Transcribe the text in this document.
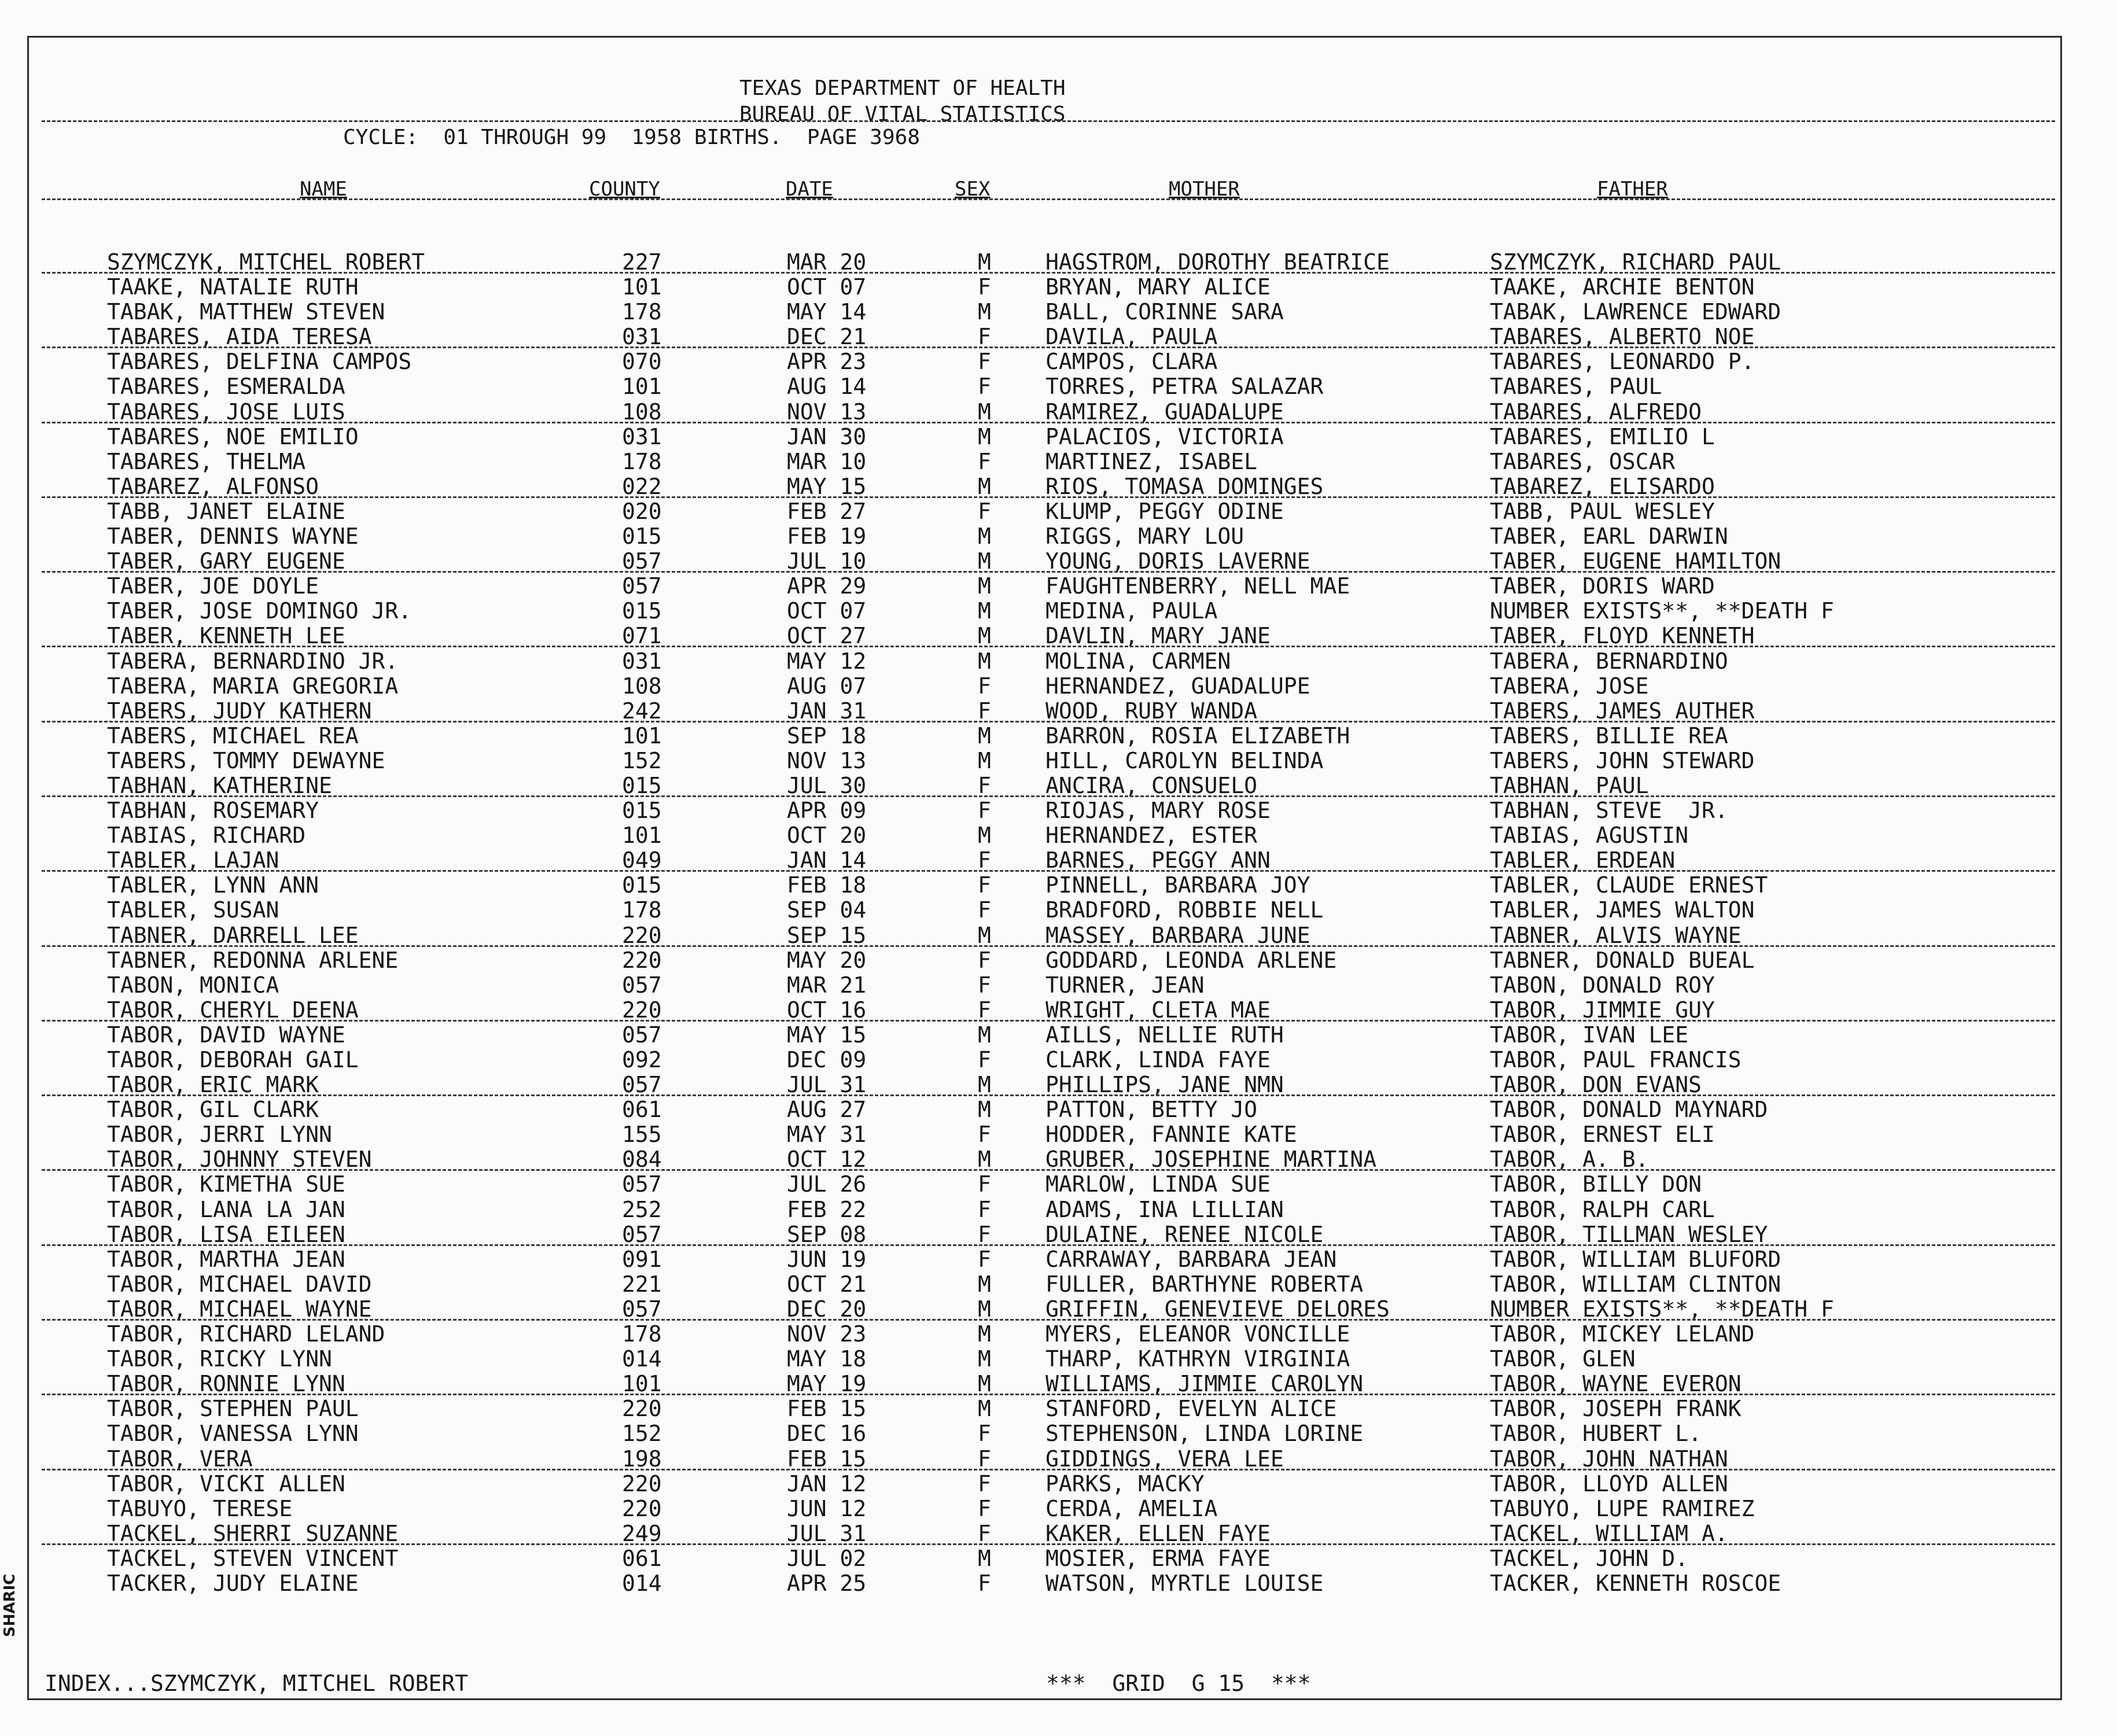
TEXAS DEPARTMENT OF HEALTH
BUREAU OF VITAL STATISTICS
CYCLE:  01 THROUGH 99  1958 BIRTHS.  PAGE 3968
NAME	COUNTY	DATE	SEX	MOTHER	FATHER
SZYMCZYK, MITCHEL ROBERT	227	MAR 20	M HAGSTROM, DOROTHY BEATRICE	SZYMCZYK, RICHARD PAUL
TAAKE, NATALIE RUTH	101	OCT 07	F BRYAN, MARY ALICE	TAAKE, ARCHIE BENTON
TABAK, MATTHEW STEVEN	178	MAY 14	M BALL, CORINNE SARA	TABAK, LAWRENCE EDWARD
TABARES, AIDA TERESA	031	DEC 21	F DAVILA, PAULA	TABARES, ALBERTO NOE
TABARES, DELFINA CAMPOS	070	APR 23	F CAMPOS, CLARA	TABARES, LEONARDO P.
TABARES, ESMERALDA	101	AUG 14	F TORRES, PETRA SALAZAR	TABARES, PAUL
TABARES, JOSE LUIS	108	NOV 13	M RAMIREZ, GUADALUPE	TABARES, ALFREDO
TABARES, NOE EMILIO	031	JAN 30	M PALACIOS, VICTORIA	TABARES, EMILIO L
TABARES, THELMA	178	MAR 10	F MARTINEZ, ISABEL	TABARES, OSCAR
TABAREZ, ALFONSO	022	MAY 15	M RIOS, TOMASA DOMINGES	TABAREZ, ELISARDO
TABB, JANET ELAINE	020	FEB 27	F KLUMP, PEGGY ODINE	TABB, PAUL WESLEY
TABER, DENNIS WAYNE	015	FEB 19	M RIGGS, MARY LOU	TABER, EARL DARWIN
TABER, GARY EUGENE	057	JUL 10	M YOUNG, DORIS LAVERNE	TABER, EUGENE HAMILTON
TABER, JOE DOYLE	057	APR 29	M FAUGHTENBERRY, NELL MAE	TABER, DORIS WARD
TABER, JOSE DOMINGO JR.	015	OCT 07	M MEDINA, PAULA	NUMBER EXISTS**, **DEATH F
TABER, KENNETH LEE	071	OCT 27	M DAVLIN, MARY JANE	TABER, FLOYD KENNETH
TABERA, BERNARDINO JR.	031	MAY 12	M MOLINA, CARMEN	TABERA, BERNARDINO
TABERA, MARIA GREGORIA	108	AUG 07	F HERNANDEZ, GUADALUPE	TABERA, JOSE
TABERS, JUDY KATHERN	242	JAN 31	F WOOD, RUBY WANDA	TABERS, JAMES AUTHER
TABERS, MICHAEL REA	101	SEP 18	M BARRON, ROSIA ELIZABETH	TABERS, BILLIE REA
TABERS, TOMMY DEWAYNE	152	NOV 13	M HILL, CAROLYN BELINDA	TABERS, JOHN STEWARD
TABHAN, KATHERINE	015	JUL 30	F ANCIRA, CONSUELO	TABHAN, PAUL
TABHAN, ROSEMARY	015	APR 09	F RIOJAS, MARY ROSE	TABHAN, STEVE  JR.
TABIAS, RICHARD	101	OCT 20	M HERNANDEZ, ESTER	TABIAS, AGUSTIN
TABLER, LAJAN	049	JAN 14	F BARNES, PEGGY ANN	TABLER, ERDEAN
TABLER, LYNN ANN	015	FEB 18	F PINNELL, BARBARA JOY	TABLER, CLAUDE ERNEST
TABLER, SUSAN	178	SEP 04	F BRADFORD, ROBBIE NELL	TABLER, JAMES WALTON
TABNER, DARRELL LEE	220	SEP 15	M MASSEY, BARBARA JUNE	TABNER, ALVIS WAYNE
TABNER, REDONNA ARLENE	220	MAY 20	F GODDARD, LEONDA ARLENE	TABNER, DONALD BUEAL
TABON, MONICA	057	MAR 21	F TURNER, JEAN	TABON, DONALD ROY
TABOR, CHERYL DEENA	220	OCT 16	F WRIGHT, CLETA MAE	TABOR, JIMMIE GUY
TABOR, DAVID WAYNE	057	MAY 15	M AILLS, NELLIE RUTH	TABOR, IVAN LEE
TABOR, DEBORAH GAIL	092	DEC 09	F CLARK, LINDA FAYE	TABOR, PAUL FRANCIS
TABOR, ERIC MARK	057	JUL 31	M PHILLIPS, JANE NMN	TABOR, DON EVANS
TABOR, GIL CLARK	061	AUG 27	M PATTON, BETTY JO	TABOR, DONALD MAYNARD
TABOR, JERRI LYNN	155	MAY 31	F HODDER, FANNIE KATE	TABOR, ERNEST ELI
TABOR, JOHNNY STEVEN	084	OCT 12	M GRUBER, JOSEPHINE MARTINA	TABOR, A. B.
TABOR, KIMETHA SUE	057	JUL 26	F MARLOW, LINDA SUE	TABOR, BILLY DON
TABOR, LANA LA JAN	252	FEB 22	F ADAMS, INA LILLIAN	TABOR, RALPH CARL
TABOR, LISA EILEEN	057	SEP 08	F DULAINE, RENEE NICOLE	TABOR, TILLMAN WESLEY
TABOR, MARTHA JEAN	091	JUN 19	F CARRAWAY, BARBARA JEAN	TABOR, WILLIAM BLUFORD
TABOR, MICHAEL DAVID	221	OCT 21	M FULLER, BARTHYNE ROBERTA	TABOR, WILLIAM CLINTON
TABOR, MICHAEL WAYNE	057	DEC 20	M GRIFFIN, GENEVIEVE DELORES	NUMBER EXISTS**, **DEATH F
TABOR, RICHARD LELAND	178	NOV 23	M MYERS, ELEANOR VONCILLE	TABOR, MICKEY LELAND
TABOR, RICKY LYNN	014	MAY 18	M THARP, KATHRYN VIRGINIA	TABOR, GLEN
TABOR, RONNIE LYNN	101	MAY 19	M WILLIAMS, JIMMIE CAROLYN	TABOR, WAYNE EVERON
TABOR, STEPHEN PAUL	220	FEB 15	M STANFORD, EVELYN ALICE	TABOR, JOSEPH FRANK
TABOR, VANESSA LYNN	152	DEC 16	F STEPHENSON, LINDA LORINE	TABOR, HUBERT L.
TABOR, VERA	198	FEB 15	F GIDDINGS, VERA LEE	TABOR, JOHN NATHAN
TABOR, VICKI ALLEN	220	JAN 12	F PARKS, MACKY	TABOR, LLOYD ALLEN
TABUYO, TERESE	220	JUN 12	F CERDA, AMELIA	TABUYO, LUPE RAMIREZ
TACKEL, SHERRI SUZANNE	249	JUL 31	F KAKER, ELLEN FAYE	TACKEL, WILLIAM A.
TACKEL, STEVEN VINCENT	061	JUL 02	M MOSIER, ERMA FAYE	TACKEL, JOHN D.
TACKER, JUDY ELAINE	014	APR 25	F WATSON, MYRTLE LOUISE	TACKER, KENNETH ROSCOE
INDEX...SZYMCZYK, MITCHEL ROBERT	***  GRID  G 15  ***
SHARIC
